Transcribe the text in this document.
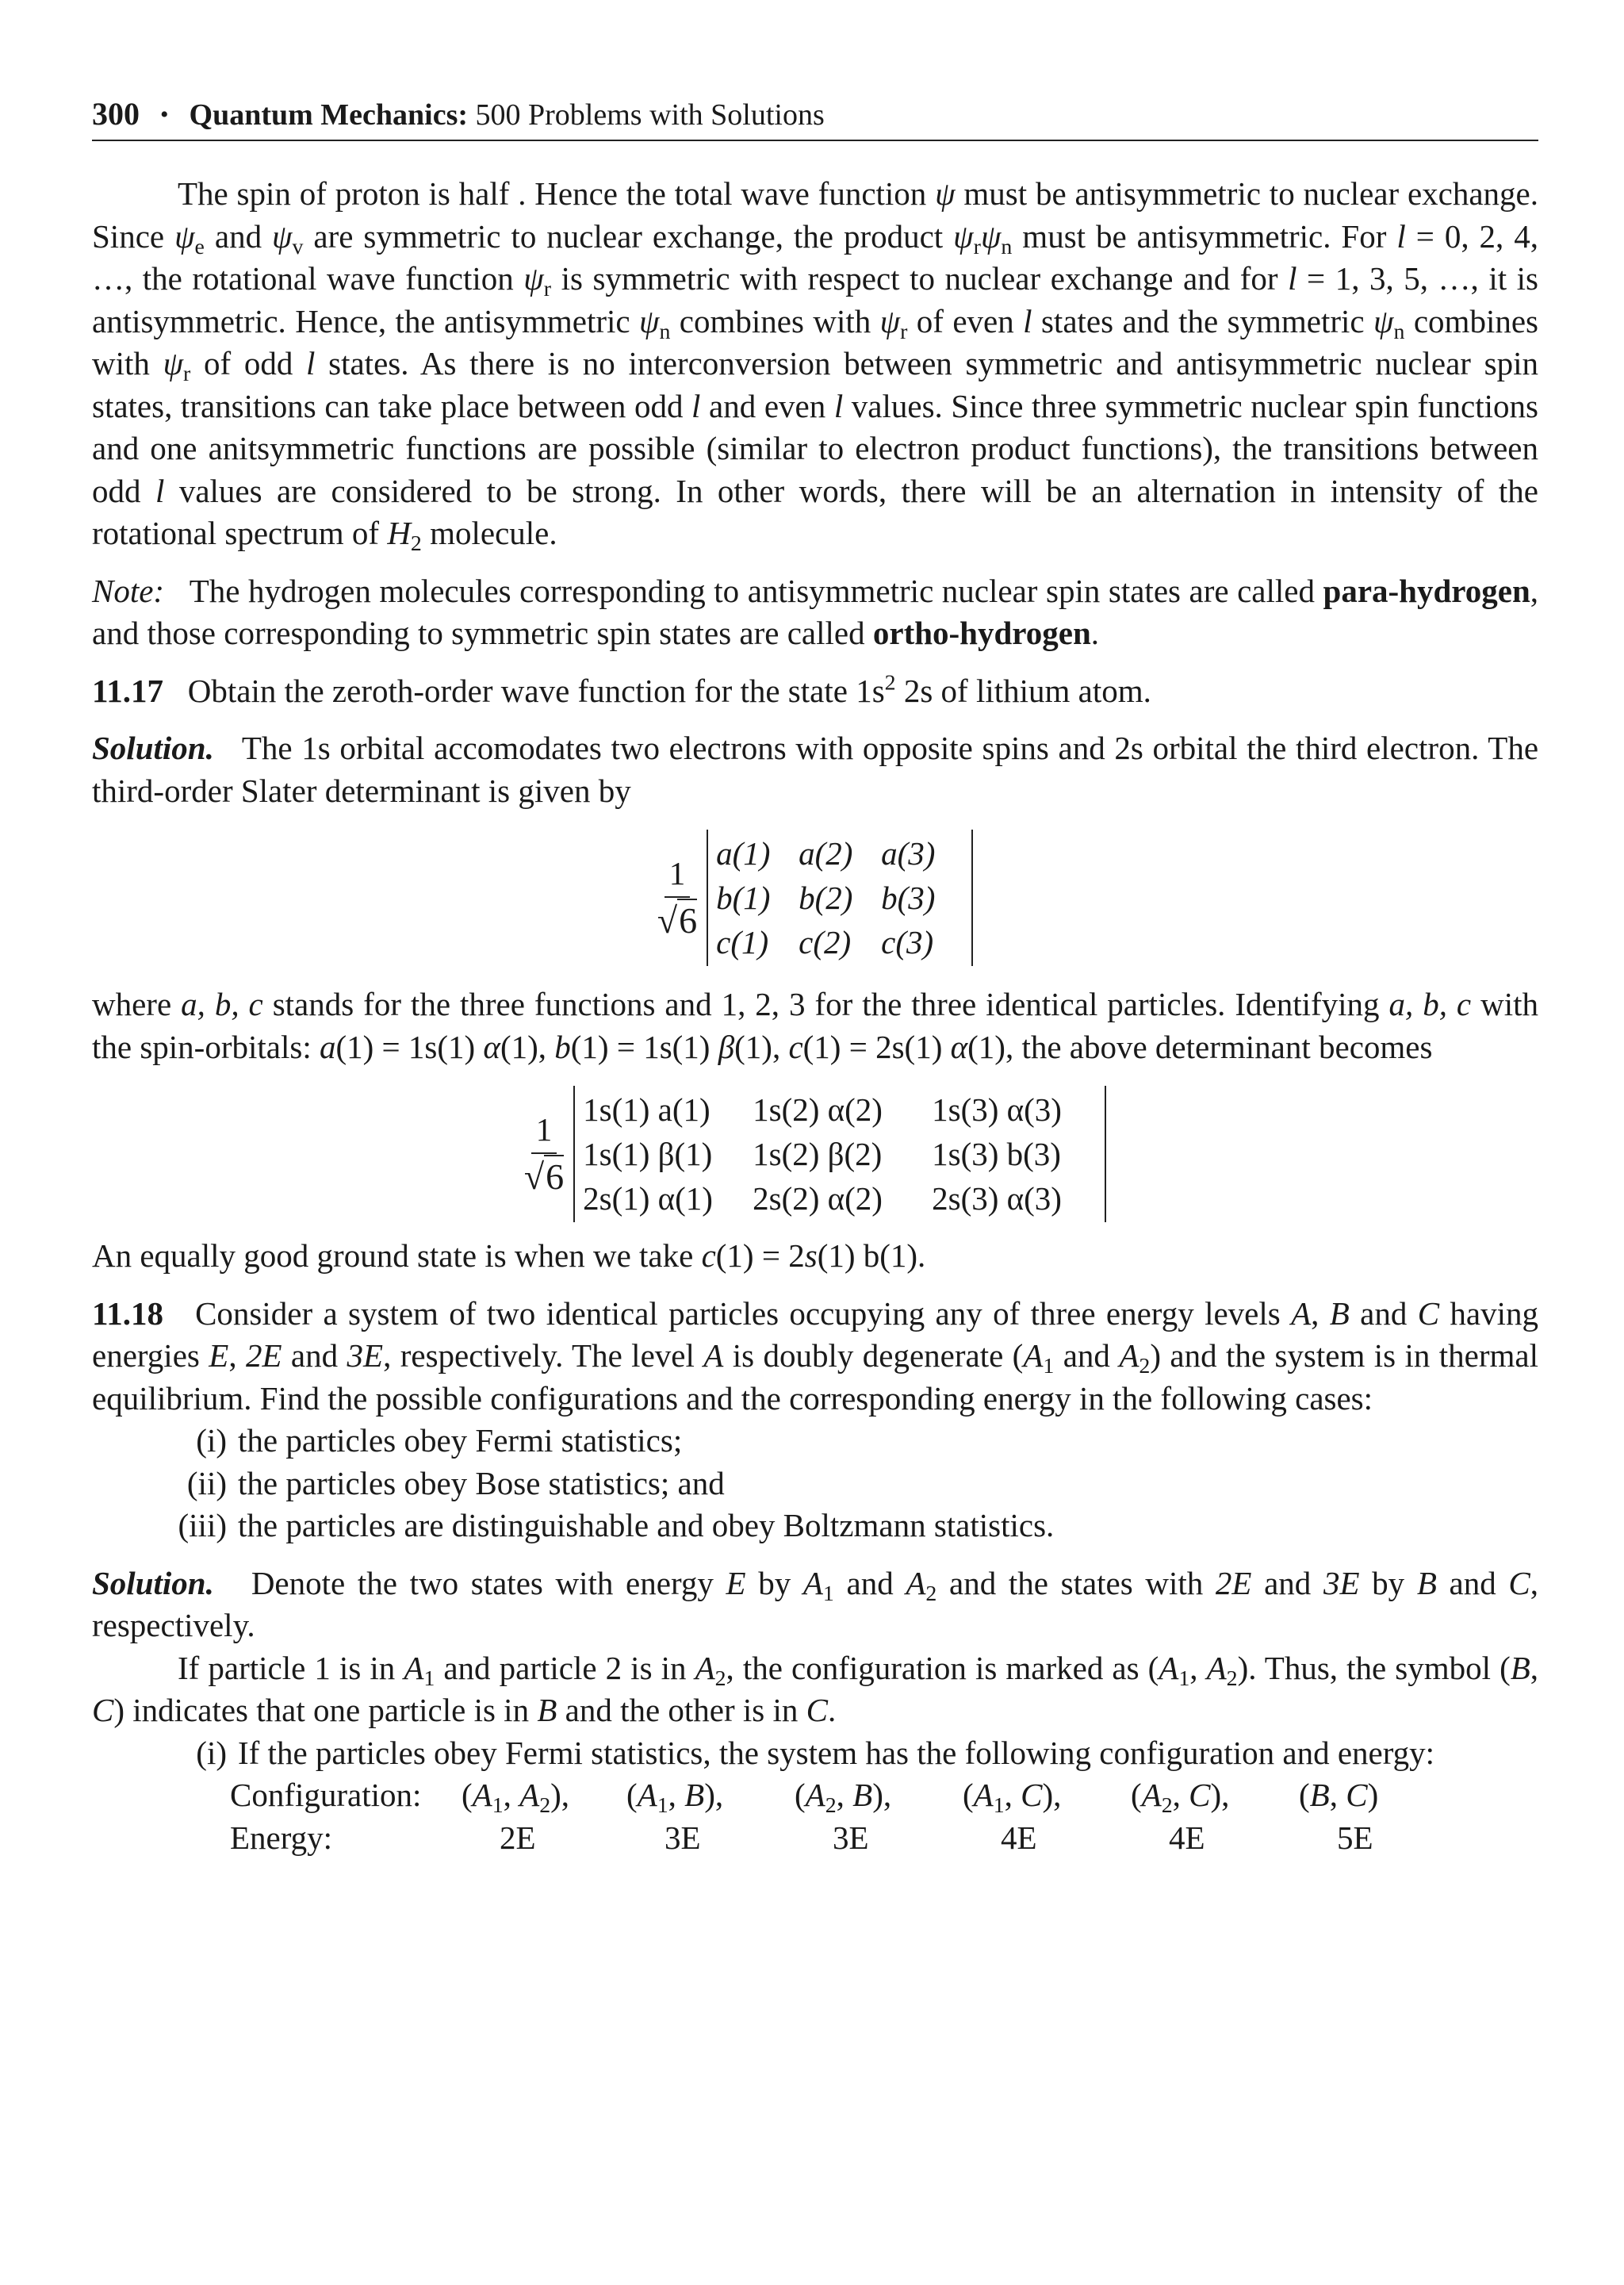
300 • Quantum Mechanics: 500 Problems with Solutions

The spin of proton is half . Hence the total wave function ψ must be antisymmetric to nuclear exchange. Since $\psi_e$ and $\psi_v$ are symmetric to nuclear exchange, the product $\psi_r\psi_n$ must be antisymmetric. For l = 0, 2, 4, …, the rotational wave function $\psi_r$ is symmetric with respect to nuclear exchange and for l = 1, 3, 5, …, it is antisymmetric. Hence, the antisymmetric $\psi_n$ combines with $\psi_r$ of even l states and the symmetric $\psi_n$ combines with $\psi_r$ of odd l states. As there is no interconversion between symmetric and antisymmetric nuclear spin states, transitions can take place between odd l and even l values. Since three symmetric nuclear spin functions and one anitsymmetric functions are possible (similar to electron product functions), the transitions between odd l values are considered to be strong. In other words, there will be an alternation in intensity of the rotational spectrum of $H_2$ molecule.

Note: The hydrogen molecules corresponding to antisymmetric nuclear spin states are called para-hydrogen, and those corresponding to symmetric spin states are called ortho-hydrogen.

11.17 Obtain the zeroth-order wave function for the state $1s^2$ 2s of lithium atom.

Solution. The 1s orbital accomodates two electrons with opposite spins and 2s orbital the third electron. The third-order Slater determinant is given by

$\frac{1}{√6}$
a(1) a(2) a(3)
b(1) b(2) b(3)
c(1) c(2) c(3)

where a, b, c stands for the three functions and 1, 2, 3 for the three identical particles. Identifying a, b, c with the spin-orbitals: a(1) = 1s(1) α(1), b(1) = 1s(1) β(1), c(1) = 2s(1) α(1), the above determinant becomes

$\frac{1}{√6}$
1s(1) a(1)	1s(2) α(2)	1s(3) α(3)
1s(1) β(1)	1s(2) β(2)	1s(3) b(3)
2s(1) α(1)	2s(2) α(2)	2s(3) α(3)

An equally good ground state is when we take c(1) = 2s(1) b(1).

11.18 Consider a system of two identical particles occupying any of three energy levels A, B and C having energies E, 2E and 3E, respectively. The level A is doubly degenerate ($A_1$ and $A_2$) and the system is in thermal equilibrium. Find the possible configurations and the corresponding energy in the following cases:

(i) the particles obey Fermi statistics;
(ii) the particles obey Bose statistics; and
(iii) the particles are distinguishable and obey Boltzmann statistics.

Solution. Denote the two states with energy E by $A_1$ and $A_2$ and the states with 2E and 3E by B and C, respectively.

If particle 1 is in $A_1$ and particle 2 is in $A_2$, the configuration is marked as ($A_1$, $A_2$). Thus, the symbol (B, C) indicates that one particle is in B and the other is in C.

(i) If the particles obey Fermi statistics, the system has the following configuration and energy:
Configuration:	($A_1$, $A_2$),	($A_1$, B),	($A_2$, B),	($A_1$, C),	($A_2$, C),	(B, C)
Energy:	2E	3E	3E	4E	4E	5E
